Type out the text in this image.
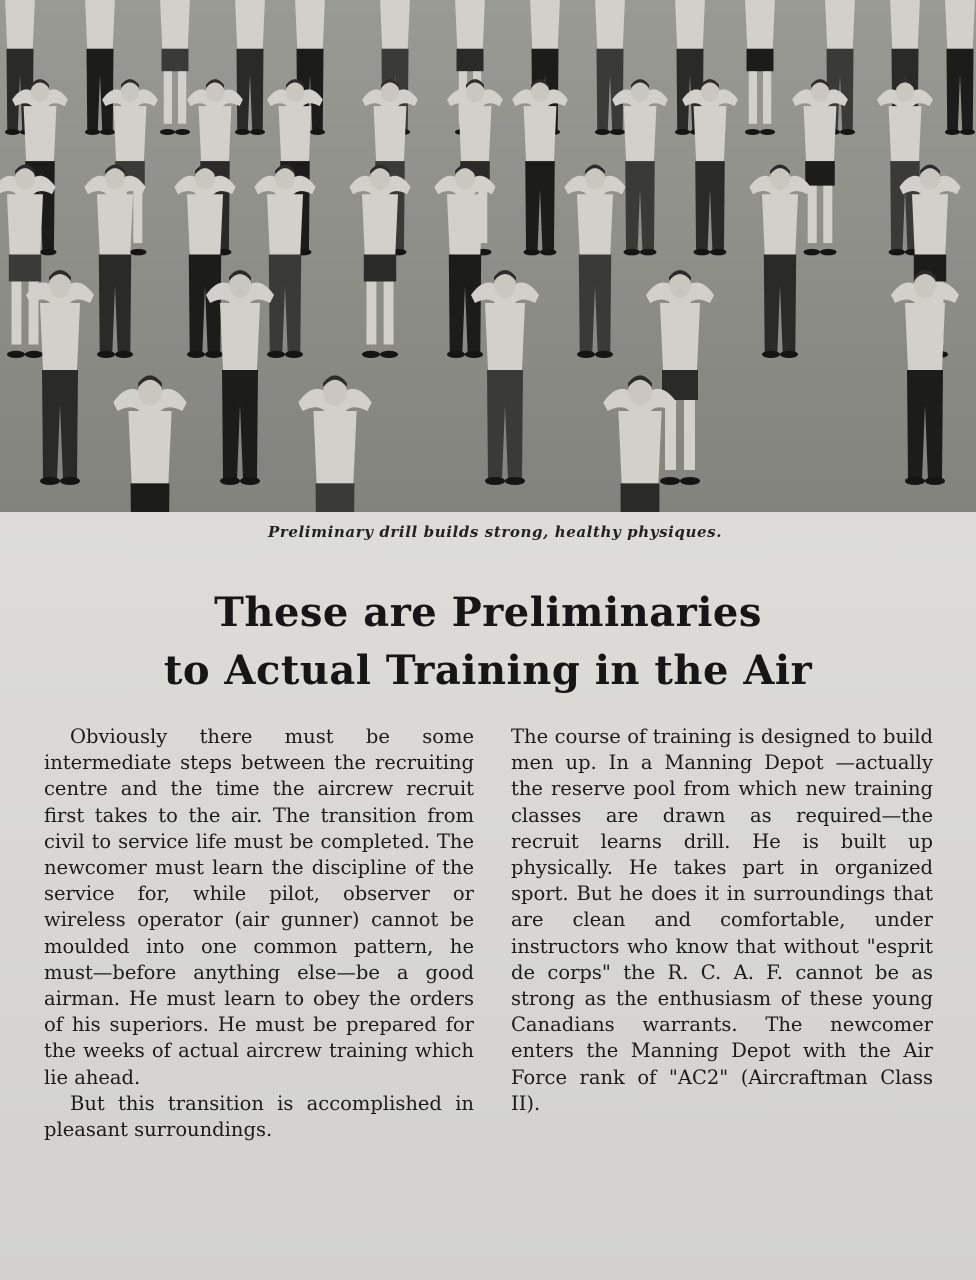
Preliminary drill builds strong, healthy physiques.
These are Preliminaries
to Actual Training in the Air

Obviously there must be some intermediate steps between the recruiting centre and the time the aircrew recruit first takes to the air. The transition from civil to service life must be completed. The newcomer must learn the discipline of the service for, while pilot, observer or wireless operator (air gunner) cannot be moulded into one common pattern, he must—before anything else—be a good airman. He must learn to obey the orders of his superiors. He must be prepared for the weeks of actual aircrew training which lie ahead.

But this transition is accomplished in pleasant surroundings.

The course of training is designed to build men up. In a Manning Depot —actually the reserve pool from which new training classes are drawn as required—the recruit learns drill. He is built up physically. He takes part in organized sport. But he does it in surroundings that are clean and comfortable, under instructors who know that without "esprit de corps" the R. C. A. F. cannot be as strong as the enthusiasm of these young Canadians warrants. The newcomer enters the Manning Depot with the Air Force rank of "AC2" (Aircraftman Class II).
